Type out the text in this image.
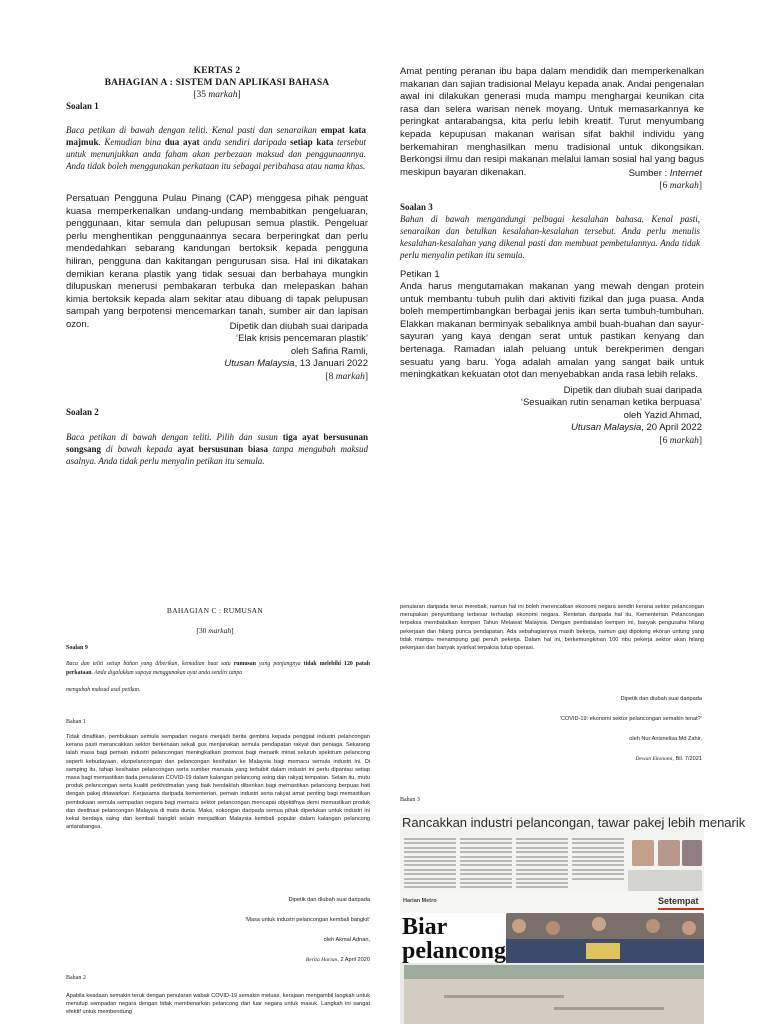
KERTAS 2
BAHAGIAN A : SISTEM DAN APLIKASI BAHASA
[35 markah]
Soalan 1
Baca petikan di bawah dengan teliti. Kenal pasti dan senaraikan empat kata majmuk. Kemudian bina dua ayat anda sendiri daripada setiap kata tersebut untuk menunjukkan anda faham akan perbezaan maksud dan penggunaannya. Anda tidak boleh menggunakan perkataan itu sebagai peribahasa atau nama khas.
Persatuan Pengguna Pulau Pinang (CAP) menggesa pihak penguat kuasa memperkenalkan undang-undang membabitkan pengeluaran, penggunaan, kitar semula dan pelupusan semua plastik. Pengeluar perlu menghentikan penggunaannya secara berperingkat dan perlu mendedahkan sebarang kandungan bertoksik kepada pengguna hiliran, pengguna dan kakitangan pengurusan sisa. Hal ini dikatakan demikian kerana plastik yang tidak sesuai dan berbahaya mungkin dilupuskan menerusi pembakaran terbuka dan melepaskan bahan kimia bertoksik kepada alam sekitar atau dibuang di tapak pelupusan sampah yang berpotensi mencemarkan tanah, sumber air dan lapisan ozon.	Dipetik dan diubah suai daripada
‘Elak krisis pencemaran plastik’
oleh Safina Ramli,
Utusan Malaysia, 13 Januari 2022
[8 markah]
Soalan 2
Baca petikan di bawah dengan teliti. Pilih dan susun tiga ayat bersusunan songsang di bawah kepada ayat bersusunan biasa tanpa mengubah maksud asalnya. Anda tidak perlu menyalin petikan itu semula.
Amat penting peranan ibu bapa dalam mendidik dan memperkenalkan makanan dan sajian tradisional Melayu kepada anak. Andai pengenalan awal ini dilakukan generasi muda mampu menghargai keunikan cita rasa dan selera warisan nenek moyang. Untuk memasarkannya ke peringkat antarabangsa, kita perlu lebih kreatif. Turut menyumbang kepada kepupusan makanan warisan sifat bakhil individu yang berkemahiran menghasilkan menu tradisional untuk dikongsikan. Berkongsi ilmu dan resipi makanan melalui laman sosial hal yang bagus meskipun bayaran dikenakan.	Sumber : Internet
[6 markah]
Soalan 3
Bahan di bawah mengandungi pelbagai kesalahan bahasa. Kenal pasti, senaraikan dan betulkan kesalahan-kesalahan tersebut. Anda perlu menulis kesalahan-kesalahan yang dikenal pasti dan membuat pembetulannya. Anda tidak perlu menyalin petikan itu semula.
Petikan 1
Anda harus mengutamakan makanan yang mewah dengan protein untuk membantu tubuh pulih dari aktiviti fizikal dan juga puasa. Anda boleh mempertimbangkan berbagai jenis ikan serta tumbuh-tumbuhan. Elakkan makanan berminyak sebaliknya ambil buah-buahan dan sayur-sayuran yang kaya dengan serat untuk pastikan kenyang dan bertenaga. Ramadan ialah peluang untuk berekperimen dengan sesuatu yang baru. Yoga adalah amalan yang sangat baik untuk meningkatkan kekuatan otot dan menyebabkan anda rasa lebih relaks.
Dipetik dan diubah suai daripada
‘Sesuaikan rutin senaman ketika berpuasa’
oleh Yazid Ahmad,
Utusan Malaysia, 20 April 2022
[6 markah]
BAHAGIAN C : RUMUSAN
[30 markah]
Soalan 9
Baca dan teliti setiap bahan yang diberikan, kemudian buat satu rumusan yang panjangnya tidak melebihi 120 patah perkataan. Anda digalakkan supaya menggunakan ayat anda sendiri tanpa
mengubah maksud asal petikan.
Bahan 1
Tidak dinafikan, pembukaan semula sempadan negara menjadi berita gembira kepada penggiat industri pelancongan kerana pasti merancakkan sektor berkenaan sekali gus menjanakan semula pendapatan rakyat dan peniaga. Sekarang ialah masa bagi pemain industri pelancongan meningkatkan promosi bagi menarik minat seluruh spektrum pelancong seperti kebudayaan, ekopelancongan dan pelancongan kesihatan ke Malaysia bagi memacu semula industri ini. Di samping itu, tahap kesihatan pelancongan serta sumber manusia yang terbabit dalam industri ini perlu dipantau setiap masa bagi memastikan tiada penularan COVID-19 dalam kalangan pelancong asing dan rakyat tempatan. Selain itu, mutu produk pelancongan serta kualiti perkhidmatan yang baik hendaklah diberikan bagi memastikan pelancong berpuas hati dengan pakej ditawarkan. Kerjasama daripada kementerian, pemain industri serta rakyat amat penting bagi memastikan pembukaan semula sempadan negara bagi memacu sektor pelancongan mencapai objektifnya demi memastikan produk dan destinasi pelancongan Malaysia di mata dunia. Maka, sokongan daripada semua pihak diperlukan untuk industri ini kekal berdaya saing dan kembali bangkit selain menjadikan Malaysia kembali popular dalam kalangan pelancong antarabangsa.
Dipetik dan diubah suai daripada
‘Masa untuk industri pelancongan kembali bangkit’
oleh Akmal Adnan,
Berita Harian, 2 April 2020
Bahan 2
Apabila keadaan semakin teruk dengan penularan wabak COVID-19 semakin meluas, kerajaan mengambil langkah untuk menutup sempadan negara dengan tidak membenarkan pelancong dari luar negara untuk masuk. Langkah ini sangat efektif untuk membendung
penularan daripada terus merebak, namun hal ini boleh merencatkan ekonomi negara sendiri kerana sektor pelancongan merupakan penyumbang terbesar terhadap ekonomi negara. Rentetan daripada hal itu, Kementerian Pelancongan terpaksa membatalkan kempen Tahun Melawat Malaysia. Dengan pembatalan kempen ini, banyak pengusaha hilang pekerjaan dan hilang punca pendapatan. Ada sebahagiannya masih bekerja, namun gaji dipotong ekoran untung yang tidak mampu menampung gaji penuh pekerja. Dalam hal ini, berkemungkinan 100 ribu pekerja sektor akan hilang pekerjaan dan banyak syarikat terpaksa tutup operasi.
Dipetik dan diubah suai daripada
‘COVID-19: ekonomi sektor pelancongan semakin tenat?’
oleh Nur Anisnelisa Md Zahir,
Dewan Ekonomi, Bil. 7/2021
Bahan 3
Rancakkan industri pelancongan, tawar pakej lebih menarik
Harian Metro	Setempat
Biar
pelancong
